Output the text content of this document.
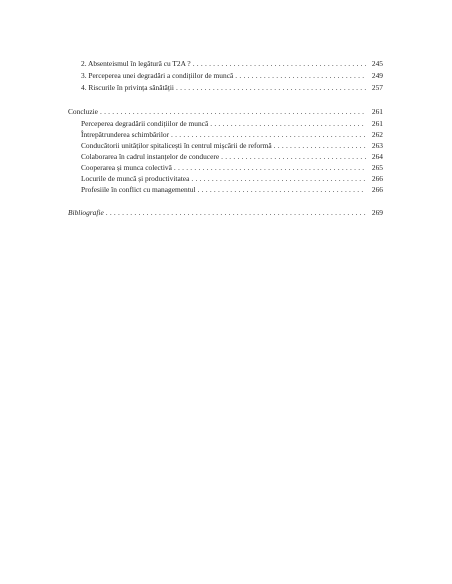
2. Absenteismul în legătură cu T2A ? . . .	245
3. Perceperea unei degradări a condițiilor de muncă . . .	249
4. Riscurile în privința sănătății . . .	257
Concluzie . . .	261
Perceperea degradării condițiilor de muncă . . .	261
Întrepătrunderea schimbărilor . . .	262
Conducătorii unităților spitalicești în centrul mișcării de reformă . . .	263
Colaborarea în cadrul instanțelor de conducere . . .	264
Cooperarea și munca colectivă . . .	265
Locurile de muncă și productivitatea . . .	266
Profesiile în conflict cu managementul . . .	266
Bibliografie . . .	269
